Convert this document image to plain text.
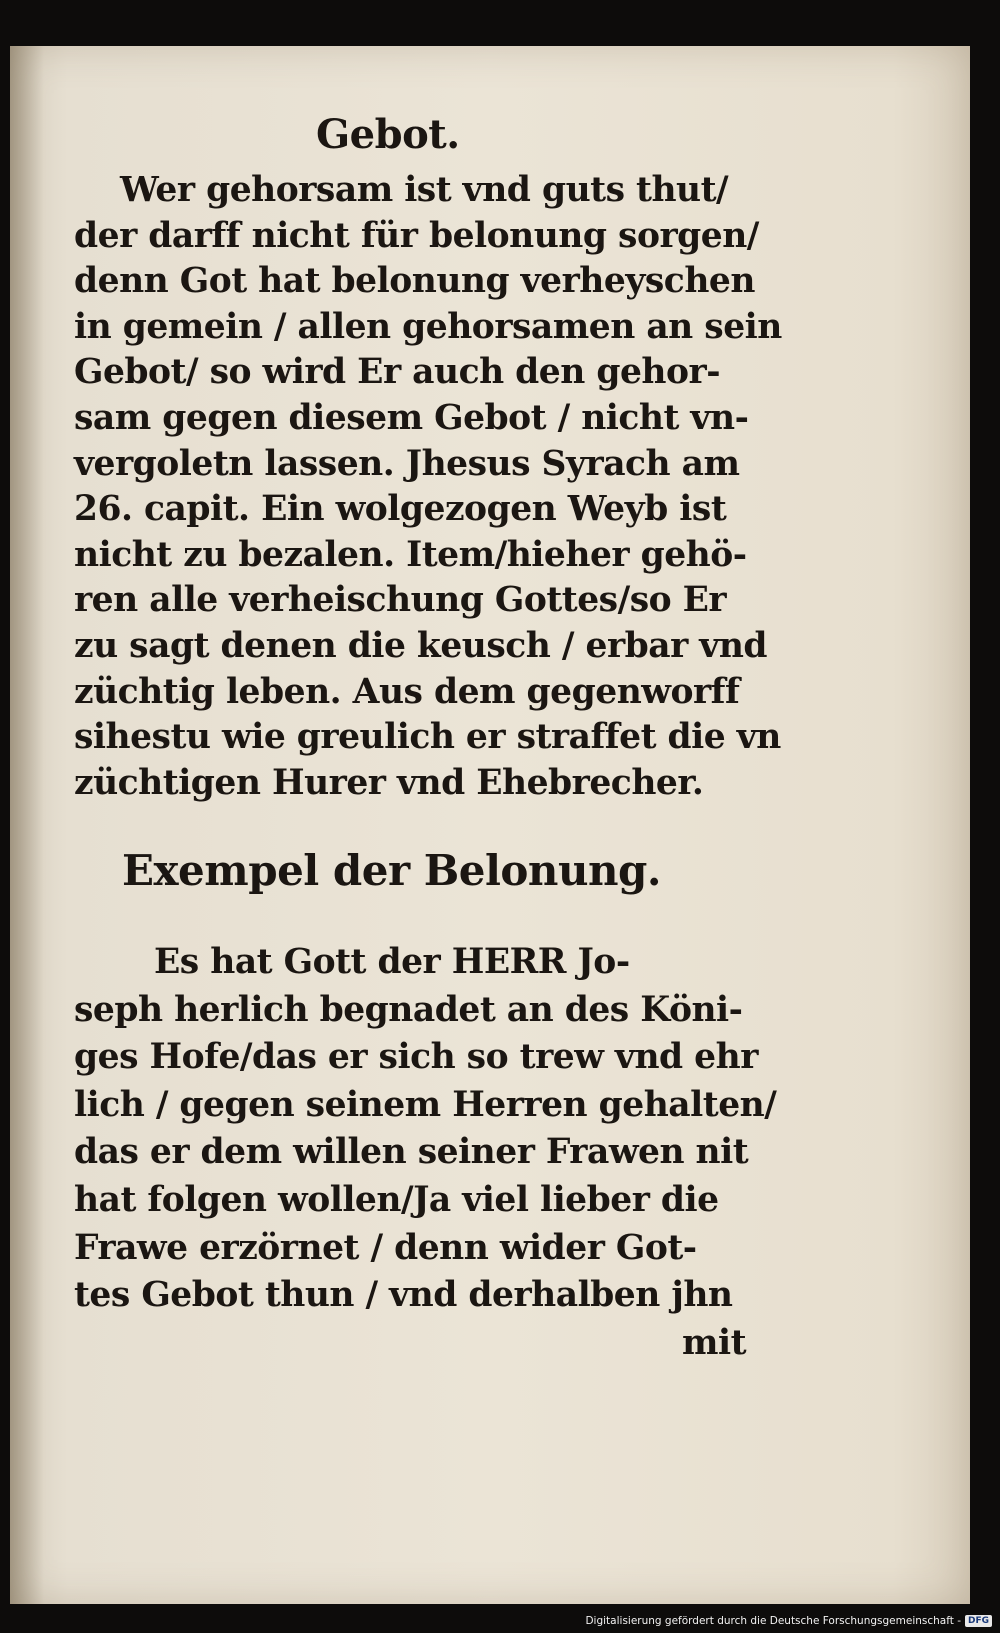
Gebot.
Wer gehorsam ist vnd guts thut/
der darff nicht für belonung sorgen/
denn Got hat belonung verheyschen
in gemein / allen gehorsamen an sein
Gebot/ so wird Er auch den gehor-
sam gegen diesem Gebot / nicht vn-
vergoletn lassen. Jhesus Syrach am
26. capit. Ein wolgezogen Weyb ist
nicht zu bezalen. Item/hieher gehö-
ren alle verheischung Gottes/so Er
zu sagt denen die keusch / erbar vnd
züchtig leben. Aus dem gegenworff
sihestu wie greulich er straffet die vn
züchtigen Hurer vnd Ehebrecher.
Exempel der Belonung.
Es hat Gott der HERR Jo-
seph herlich begnadet an des Köni-
ges Hofe/das er sich so trew vnd ehr
lich / gegen seinem Herren gehalten/
das er dem willen seiner Frawen nit
hat folgen wollen/Ja viel lieber die
Frawe erzörnet / denn wider Got-
tes Gebot thun / vnd derhalben jhn
mit
Digitalisierung gefördert durch die Deutsche Forschungsgemeinschaft - DFG
